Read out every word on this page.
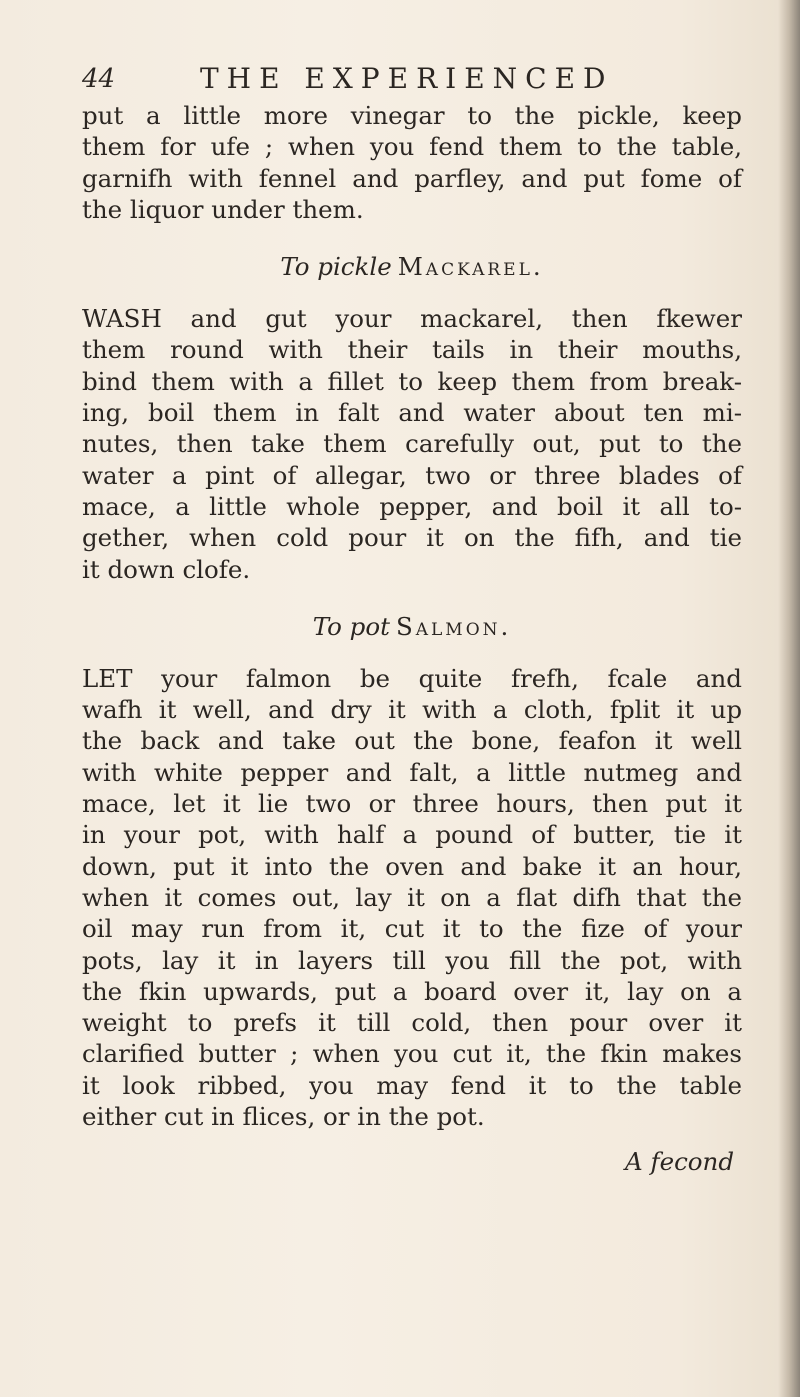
44	THE EXPERIENCED
put a little more vinegar to the pickle, keep
them for ufe ; when you fend them to the table,
garnifh with fennel and parfley, and put fome of
the liquor under them.
To pickle Mackarel.
WASH and gut your mackarel, then fkewer
them round with their tails in their mouths,
bind them with a fillet to keep them from break-
ing, boil them in falt and water about ten mi-
nutes, then take them carefully out, put to the
water a pint of allegar, two or three blades of
mace, a little whole pepper, and boil it all to-
gether, when cold pour it on the fifh, and tie
it down clofe.
To pot Salmon.
LET your falmon be quite frefh, fcale and
wafh it well, and dry it with a cloth, fplit it up
the back and take out the bone, feafon it well
with white pepper and falt, a little nutmeg and
mace, let it lie two or three hours, then put it
in your pot, with half a pound of butter, tie it
down, put it into the oven and bake it an hour,
when it comes out, lay it on a flat difh that the
oil may run from it, cut it to the fize of your
pots, lay it in layers till you fill the pot, with
the fkin upwards, put a board over it, lay on a
weight to prefs it till cold, then pour over it
clarified butter ; when you cut it, the fkin makes
it look ribbed, you may fend it to the table
either cut in flices, or in the pot.
A fecond
